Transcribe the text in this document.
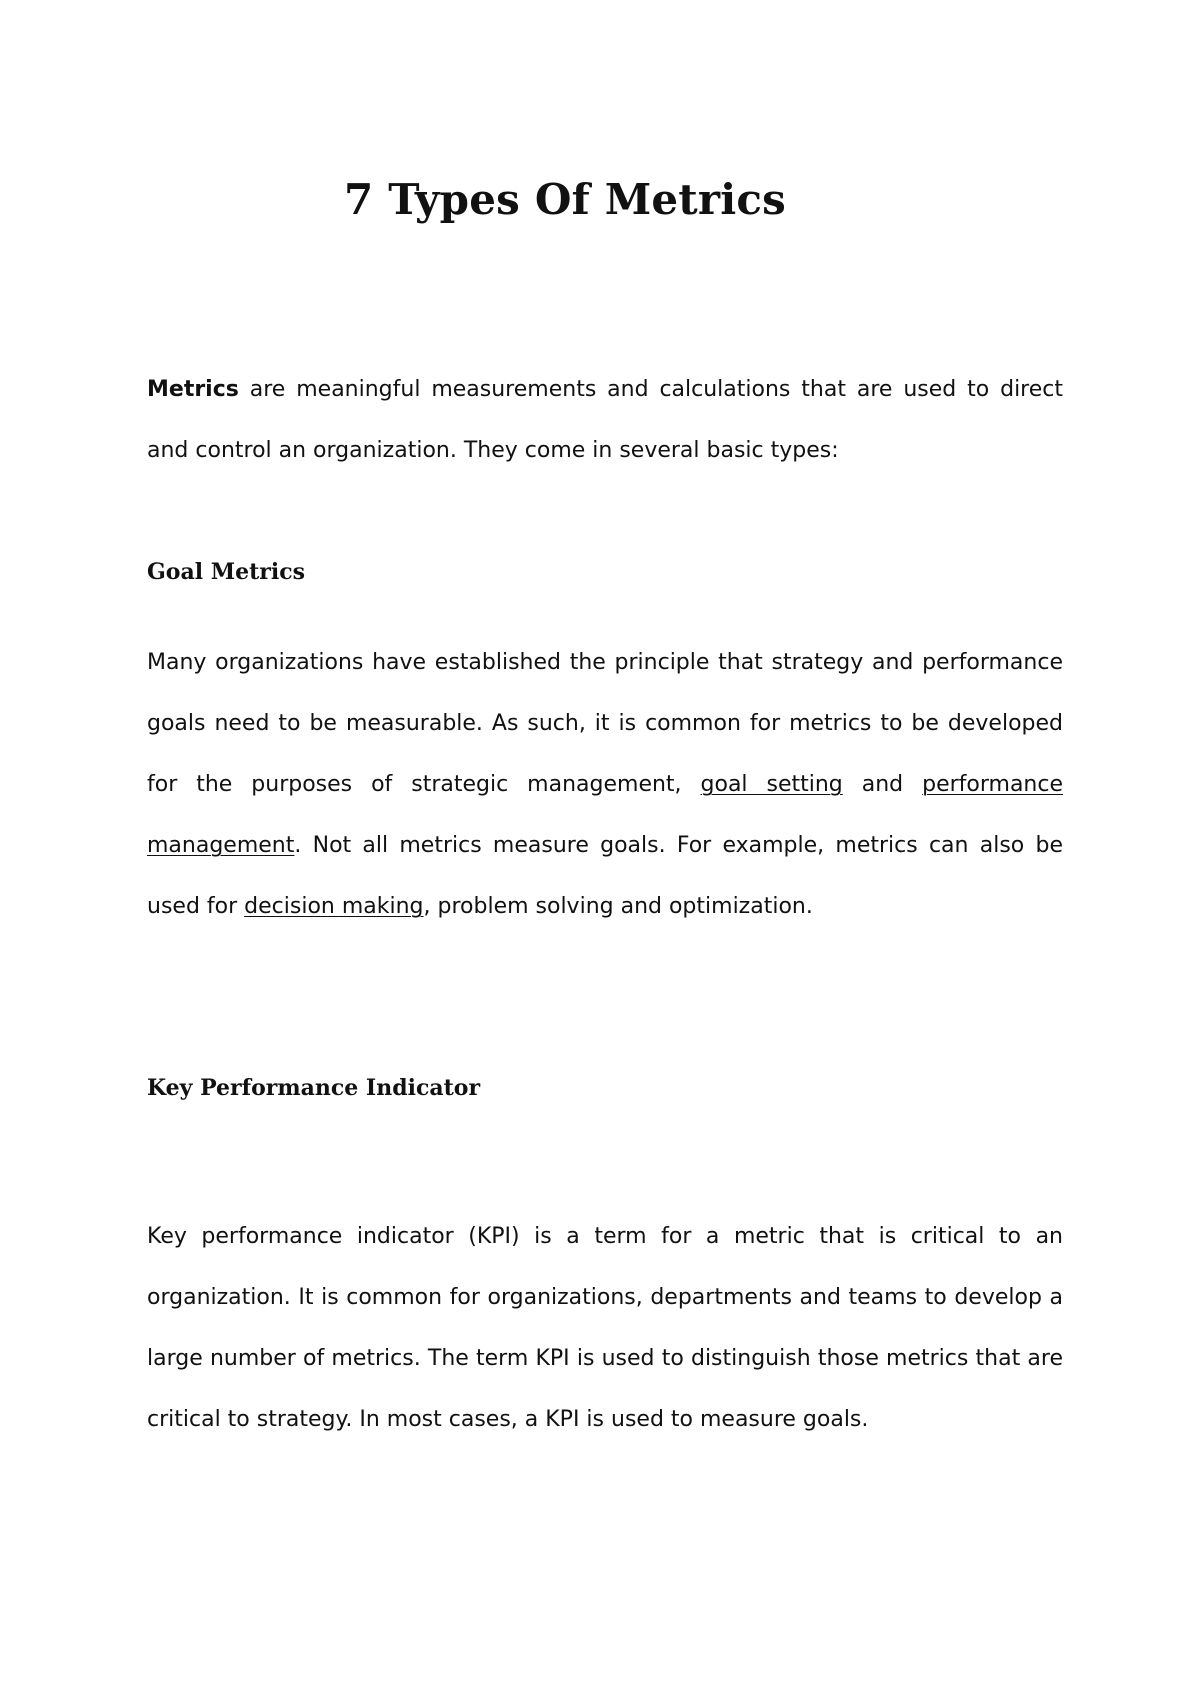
7 Types Of Metrics

Metrics are meaningful measurements and calculations that are used to direct and control an organization. They come in several basic types:

Goal Metrics

Many organizations have established the principle that strategy and performance goals need to be measurable. As such, it is common for metrics to be developed for the purposes of strategic management, goal setting and performance management. Not all metrics measure goals. For example, metrics can also be used for decision making, problem solving and optimization.

Key Performance Indicator

Key performance indicator (KPI) is a term for a metric that is critical to an organization. It is common for organizations, departments and teams to develop a large number of metrics. The term KPI is used to distinguish those metrics that are critical to strategy. In most cases, a KPI is used to measure goals.
